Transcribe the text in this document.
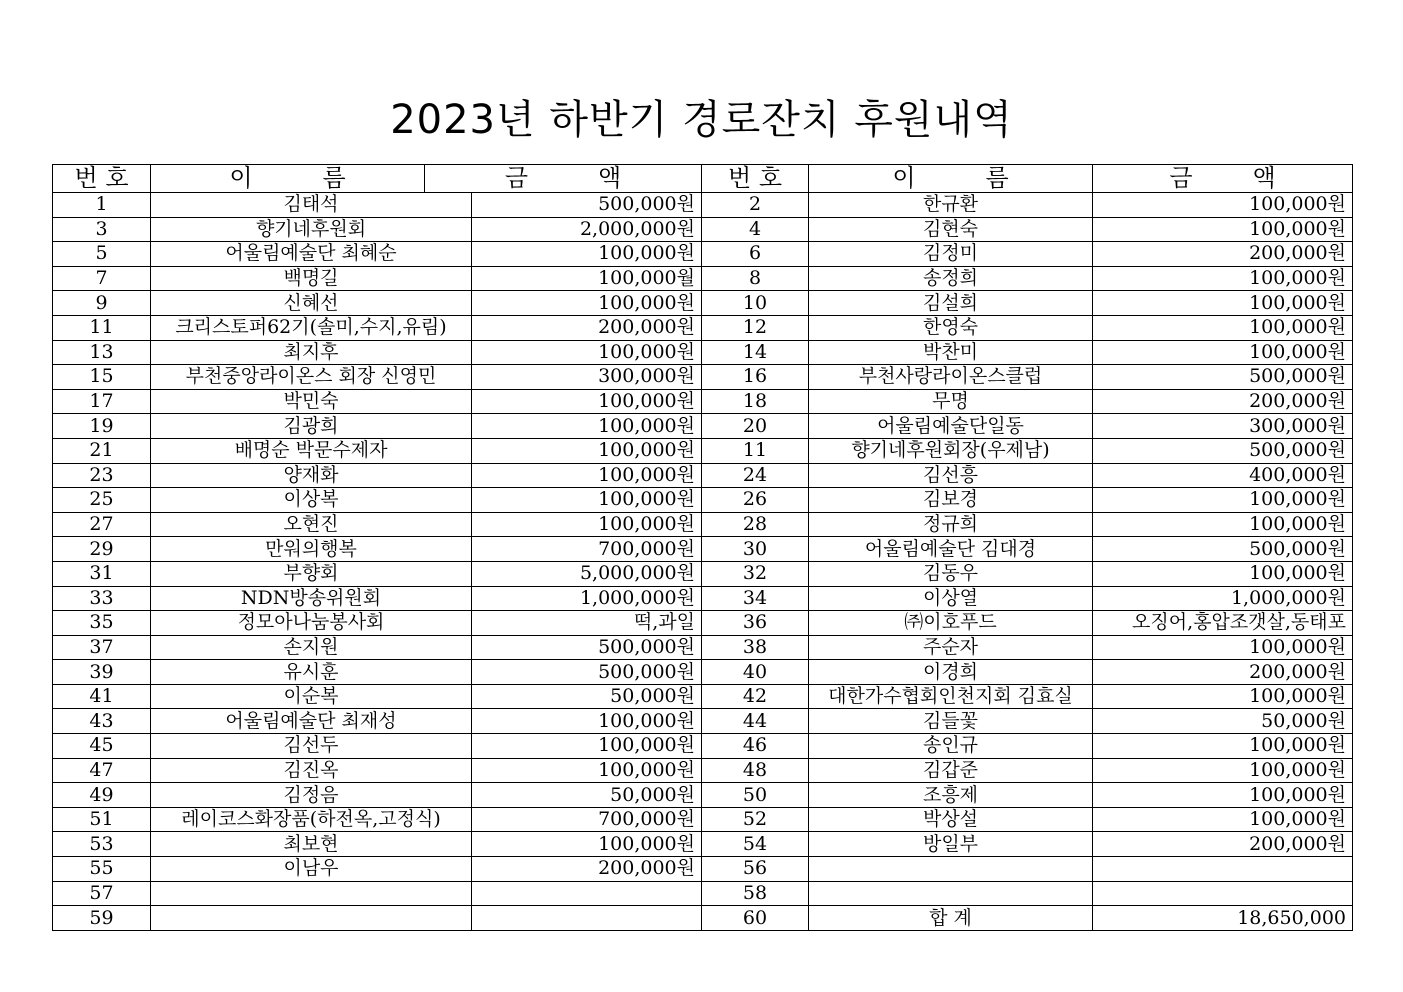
2023년 하반기 경로잔치 후원내역
번 호	이 름	금 액		번 호	이 름	금 액
1	김태석		500,000원	2	한규환	100,000원
3	향기네후원회		2,000,000원	4	김현숙	100,000원
5	어울림예술단 최혜순		100,000원	6	김정미	200,000원
7	백명길		100,000월	8	송정희	100,000원
9	신혜선		100,000원	10	김설희	100,000원
11	크리스토퍼62기(솔미,수지,유림)		200,000원	12	한영숙	100,000원
13	최지후		100,000원	14	박찬미	100,000원
15	부천중앙라이온스 회장 신영민		300,000원	16	부천사랑라이온스클럽	500,000원
17	박민숙		100,000원	18	무명	200,000원
19	김광희		100,000원	20	어울림예술단일동	300,000원
21	배명순 박문수제자		100,000원	11	향기네후원회장(우제남)	500,000원
23	양재화		100,000원	24	김선흥	400,000원
25	이상복		100,000원	26	김보경	100,000원
27	오현진		100,000원	28	정규희	100,000원
29	만워의행복		700,000원	30	어울림예술단 김대경	500,000원
31	부향회		5,000,000원	32	김동우	100,000원
33	NDN방송위원회		1,000,000원	34	이상열	1,000,000원
35	정모아나눔봉사회		떡,과일	36	㈜이호푸드	오징어,홍압조갯살,동태포
37	손지원		500,000원	38	주순자	100,000원
39	유시훈		500,000원	40	이경희	200,000원
41	이순복		50,000원	42	대한가수협회인천지회 김효실	100,000원
43	어울림예술단 최재성		100,000원	44	김들꽃	50,000원
45	김선두		100,000원	46	송인규	100,000원
47	김진옥		100,000원	48	김갑준	100,000원
49	김정음		50,000원	50	조흥제	100,000원
51	레이코스화장품(하전옥,고정식)		700,000원	52	박상설	100,000원
53	최보현		100,000원	54	방일부	200,000원
55	이남우		200,000원	56		
57				58		
59				60	합 계	18,650,000
